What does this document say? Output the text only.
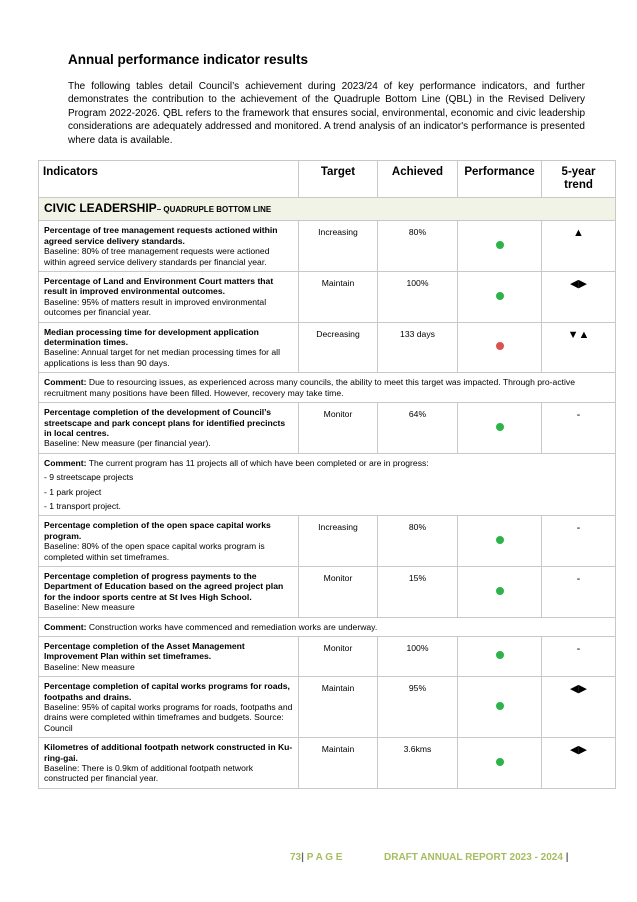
Annual performance indicator results
The following tables detail Council’s achievement during 2023/24 of key performance indicators, and further demonstrates the contribution to the achievement of the Quadruple Bottom Line (QBL) in the Revised Delivery Program 2022-2026. QBL refers to the framework that ensures social, environmental, economic and civic leadership considerations are adequately addressed and monitored. A trend analysis of an indicator's performance is presented where data is available.
Indicators	Target	Achieved	Performance	5-year trend
CIVIC LEADERSHIP– QUADRUPLE BOTTOM LINE				

Percentage of tree management requests actioned within agreed service delivery standards.
Baseline: 80% of tree management requests were actioned within agreed service delivery standards per financial year.	Increasing	80%		▲

Percentage of Land and Environment Court matters that result in improved environmental outcomes.
Baseline: 95% of matters result in improved environmental outcomes per financial year.	Maintain	100%		◀▶

Median processing time for development application determination times.
Baseline: Annual target for net median processing times for all applications is less than 90 days.	Decreasing	133 days		▼▲
Comment: Due to resourcing issues, as experienced across many councils, the ability to meet this target was impacted. Through pro-active recruitment many positions have been filled. However, recovery may take time.				

Percentage completion of the development of Council’s streetscape and park concept plans for identified precincts in local centres.
Baseline: New measure (per financial year).	Monitor	64%		-
Comment: The current program has 11 projects all of which have been completed or are in progress:
- 9 streetscape projects
- 1 park project
- 1 transport project.				

Percentage completion of the open space capital works program.
Baseline: 80% of the open space capital works program is completed within set timeframes.	Increasing	80%		-

Percentage completion of progress payments to the Department of Education based on the agreed project plan for the indoor sports centre at St Ives High School.
Baseline: New measure	Monitor	15%		-
Comment: Construction works have commenced and remediation works are underway.				

Percentage completion of the Asset Management Improvement Plan within set timeframes.
Baseline: New measure	Monitor	100%		-

Percentage completion of capital works programs for roads, footpaths and drains.
Baseline: 95% of capital works programs for roads, footpaths and drains were completed within timeframes and budgets. Source: Council	Maintain	95%		◀▶

Kilometres of additional footpath network constructed in Ku-ring-gai.
Baseline: There is 0.9km of additional footpath network constructed per financial year.	Maintain	3.6kms		◀▶
73| P A G E	DRAFT ANNUAL REPORT 2023 - 2024 |
